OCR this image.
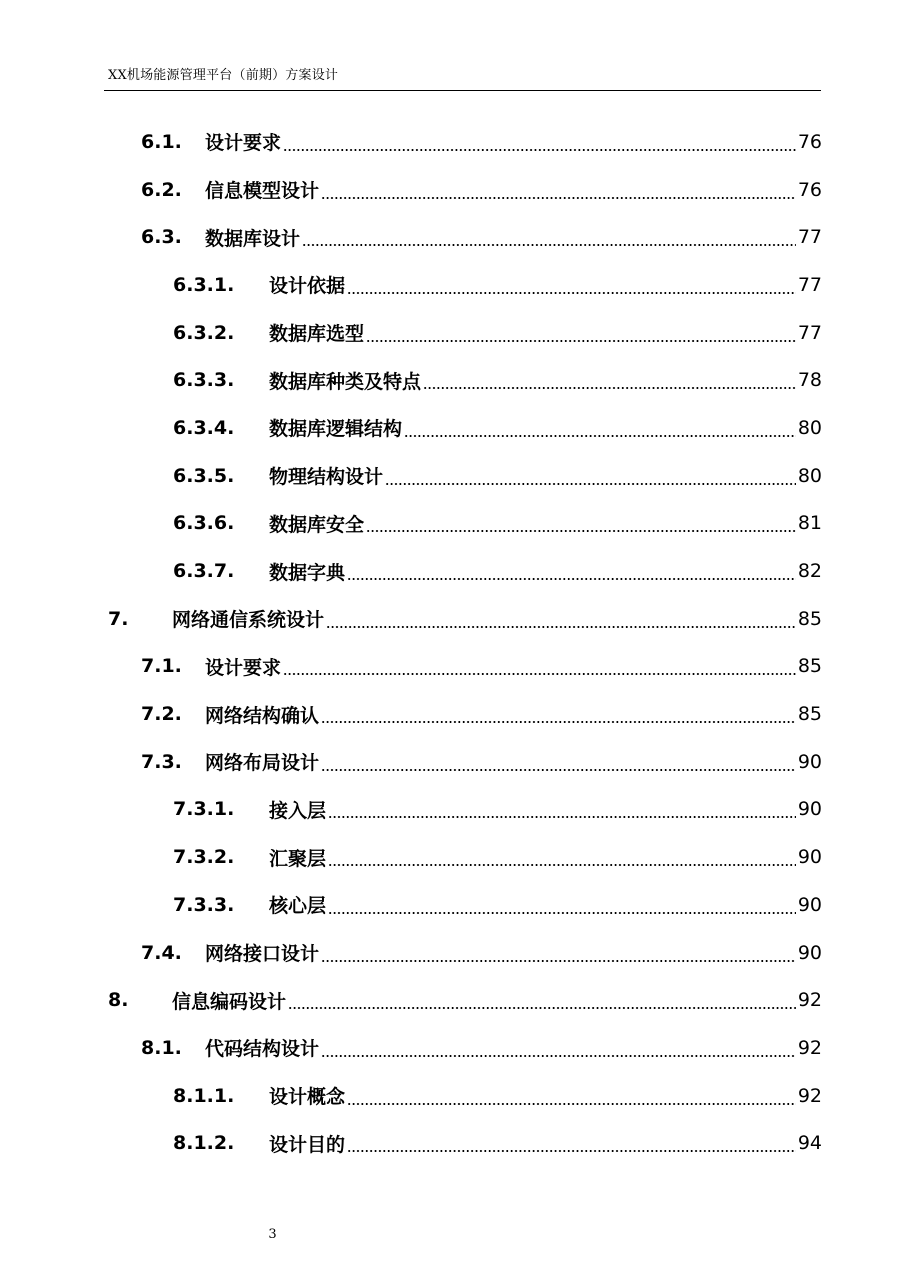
XX机场能源管理平台（前期）方案设计
6.1.	设计要求	76
6.2.	信息模型设计	76
6.3.	数据库设计	77
6.3.1.	设计依据	77
6.3.2.	数据库选型	77
6.3.3.	数据库种类及特点	78
6.3.4.	数据库逻辑结构	80
6.3.5.	物理结构设计	80
6.3.6.	数据库安全	81
6.3.7.	数据字典	82
7.	网络通信系统设计	85
7.1.	设计要求	85
7.2.	网络结构确认	85
7.3.	网络布局设计	90
7.3.1.	接入层	90
7.3.2.	汇聚层	90
7.3.3.	核心层	90
7.4.	网络接口设计	90
8.	信息编码设计	92
8.1.	代码结构设计	92
8.1.1.	设计概念	92
8.1.2.	设计目的	94
3
